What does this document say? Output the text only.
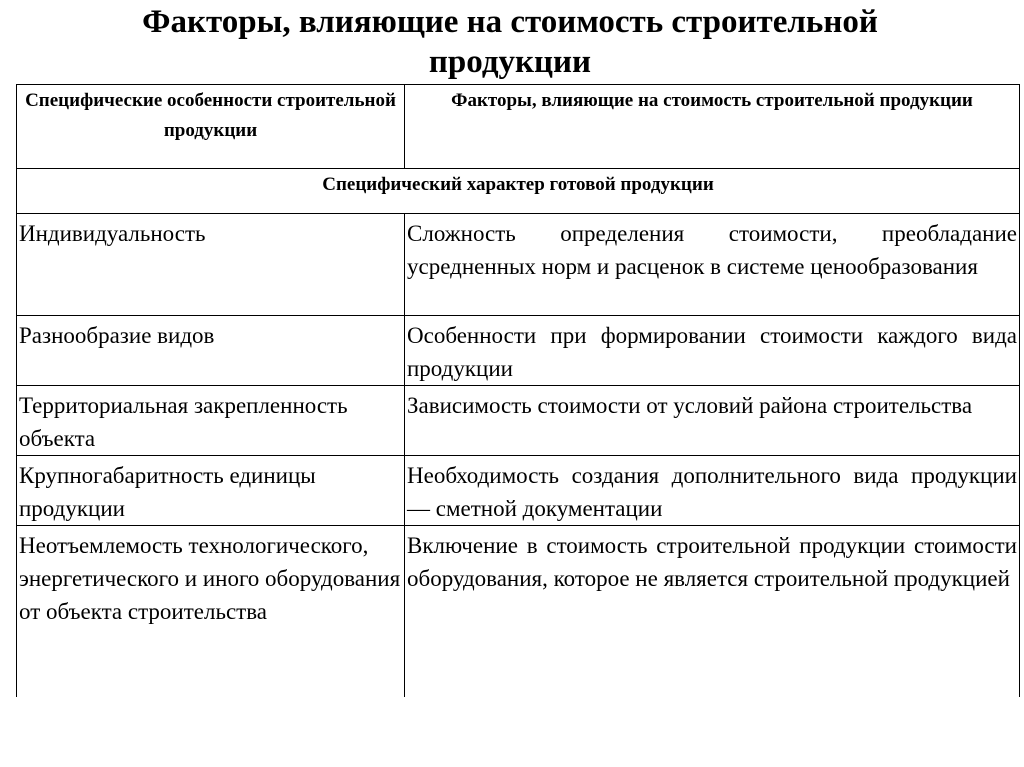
Факторы, влияющие на стоимость строительной
продукции
Специфические особенности строительной продукции	Факторы, влияющие на стоимость строительной продукции
Специфический характер готовой продукции	
Индивидуальность	Сложность определения стоимости, преобладание усредненных норм и расценок в системе ценообразования
Разнообразие видов	Особенности при формировании стоимости каждого вида продукции
Территориальная закрепленность объекта	Зависимость стоимости от условий района строительства
Крупногабаритность единицы продукции	Необходимость создания дополнительного вида продукции — сметной документации
Неотъемлемость технологического, энергетического и иного оборудования от объекта строительства	Включение в стоимость строительной продукции стоимости оборудования, которое не является строительной продукцией
